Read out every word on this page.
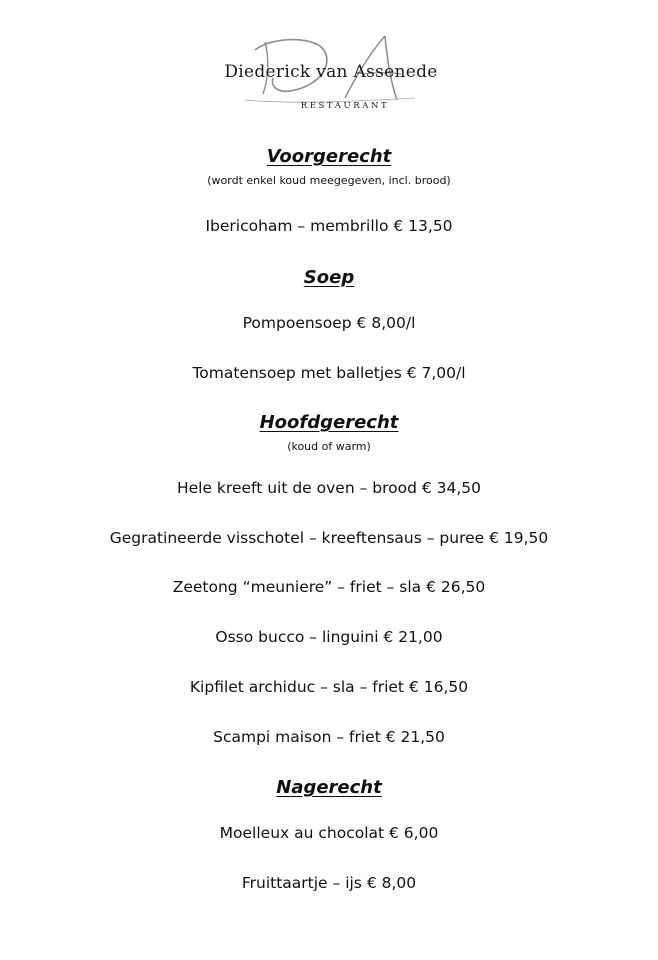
Diederick van Assenede
RESTAURANT
Voorgerecht
(wordt enkel koud meegegeven, incl. brood)
Ibericoham – membrillo € 13,50
Soep
Pompoensoep € 8,00/l
Tomatensoep met balletjes € 7,00/l
Hoofdgerecht
(koud of warm)
Hele kreeft uit de oven – brood € 34,50
Gegratineerde visschotel – kreeftensaus – puree € 19,50
Zeetong “meuniere” – friet – sla € 26,50
Osso bucco – linguini € 21,00
Kipfilet archiduc – sla – friet € 16,50
Scampi maison – friet € 21,50
Nagerecht
Moelleux au chocolat € 6,00
Fruittaartje – ijs € 8,00
